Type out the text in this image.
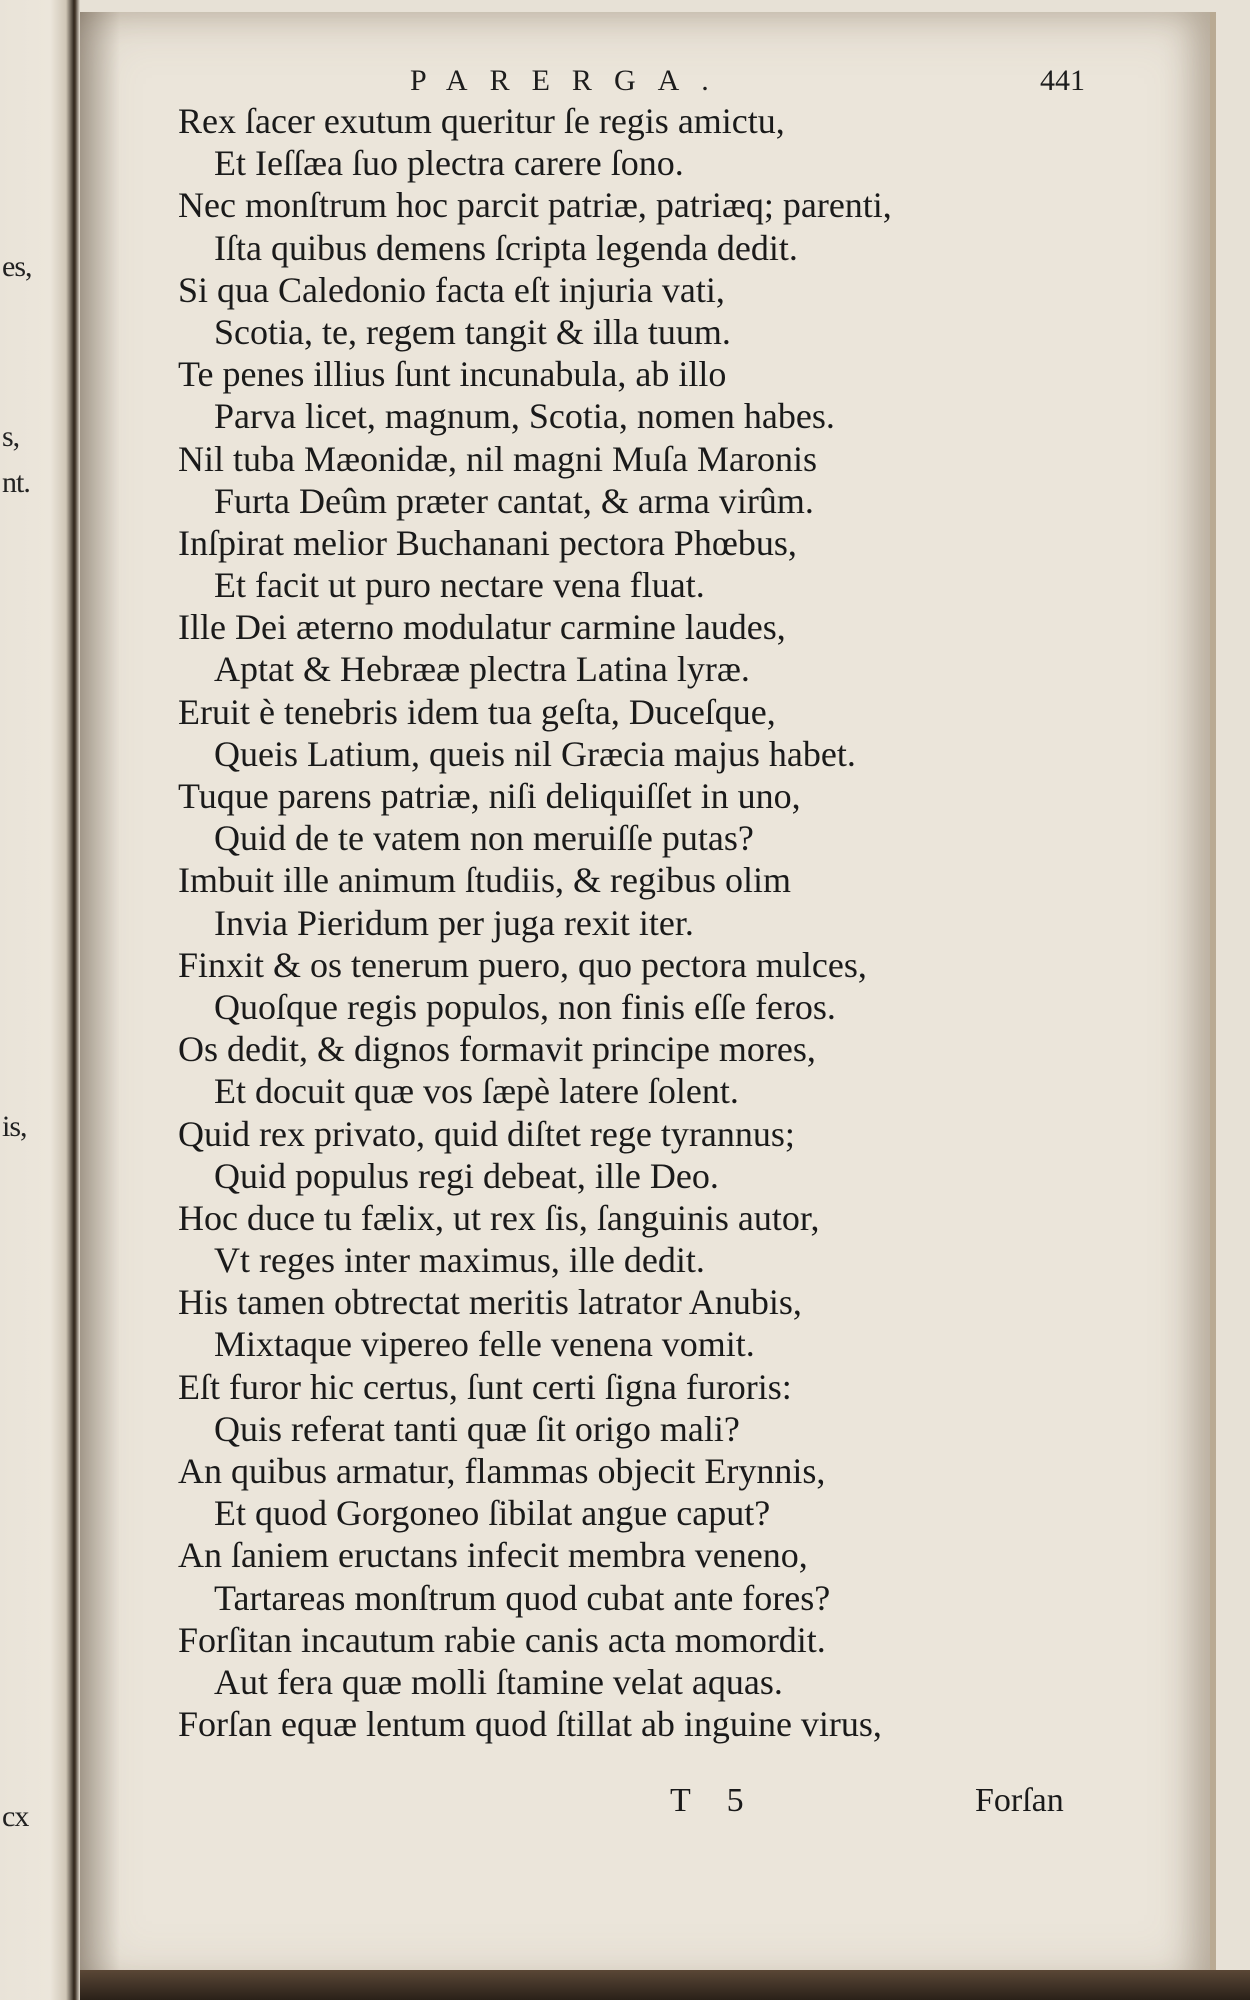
es,
s,
nt.
is,
cx
PARERGA.	441
Rex ſacer exutum queritur ſe regis amictu,
Et Ieſſæa ſuo plectra carere ſono.
Nec monſtrum hoc parcit patriæ, patriæq; parenti,
Iſta quibus demens ſcripta legenda dedit.
Si qua Caledonio facta eſt injuria vati,
Scotia, te, regem tangit & illa tuum.
Te penes illius ſunt incunabula, ab illo
Parva licet, magnum, Scotia, nomen habes.
Nil tuba Mæonidæ, nil magni Muſa Maronis
Furta Deûm præter cantat, & arma virûm.
Inſpirat melior Buchanani pectora Phœbus,
Et facit ut puro nectare vena fluat.
Ille Dei æterno modulatur carmine laudes,
Aptat & Hebrææ plectra Latina lyræ.
Eruit è tenebris idem tua geſta, Duceſque,
Queis Latium, queis nil Græcia majus habet.
Tuque parens patriæ, niſi deliquiſſet in uno,
Quid de te vatem non meruiſſe putas?
Imbuit ille animum ſtudiis, & regibus olim
Invia Pieridum per juga rexit iter.
Finxit & os tenerum puero, quo pectora mulces,
Quoſque regis populos, non finis eſſe feros.
Os dedit, & dignos formavit principe mores,
Et docuit quæ vos ſæpè latere ſolent.
Quid rex privato, quid diſtet rege tyrannus;
Quid populus regi debeat, ille Deo.
Hoc duce tu fælix, ut rex ſis, ſanguinis autor,
Vt reges inter maximus, ille dedit.
His tamen obtrectat meritis latrator Anubis,
Mixtaque vipereo felle venena vomit.
Eſt furor hic certus, ſunt certi ſigna furoris:
Quis referat tanti quæ ſit origo mali?
An quibus armatur, flammas objecit Erynnis,
Et quod Gorgoneo ſibilat angue caput?
An ſaniem eructans infecit membra veneno,
Tartareas monſtrum quod cubat ante fores?
Forſitan incautum rabie canis acta momordit.
Aut fera quæ molli ſtamine velat aquas.
Forſan equæ lentum quod ſtillat ab inguine virus,
T 5	Forſan
